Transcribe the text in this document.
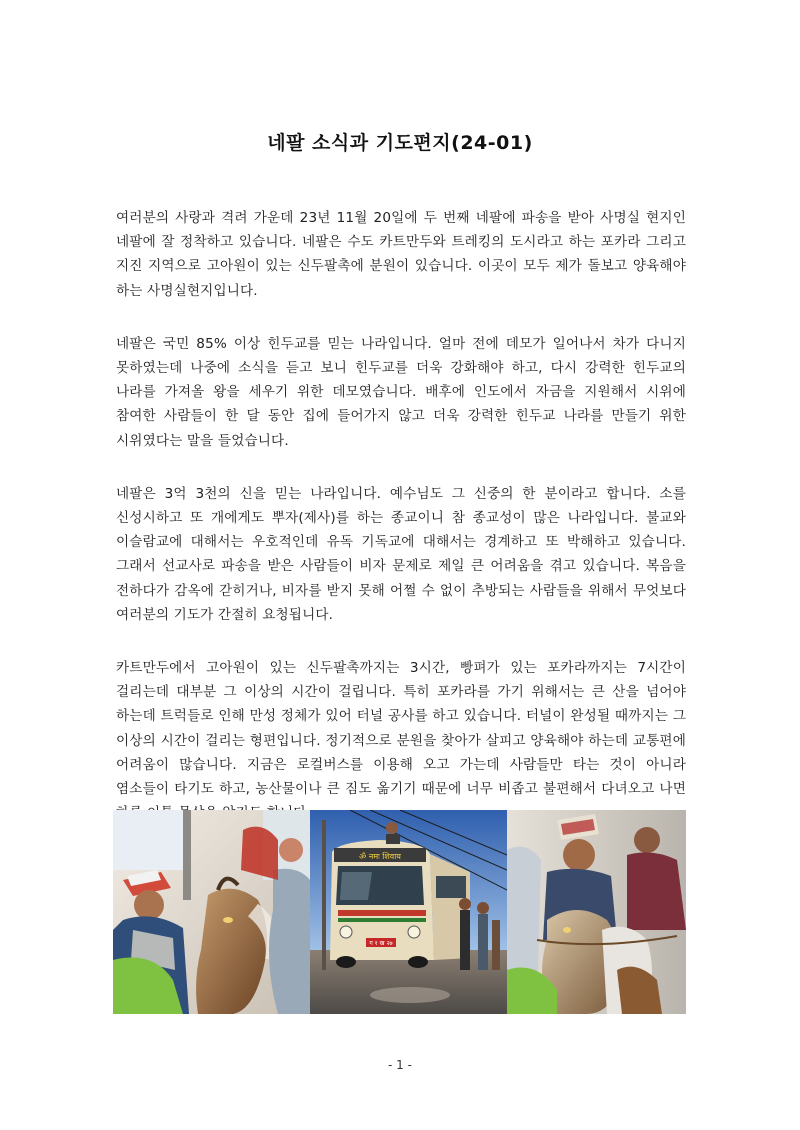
네팔 소식과 기도편지(24-01)

여러분의 사랑과 격려 가운데 23년 11월 20일에 두 번째 네팔에 파송을 받아 사명실 현지인 네팔에 잘 정착하고 있습니다. 네팔은 수도 카트만두와 트레킹의 도시라고 하는 포카라 그리고 지진 지역으로 고아원이 있는 신두팔촉에 분원이 있습니다. 이곳이 모두 제가 돌보고 양육해야 하는 사명실현지입니다.

네팔은 국민 85% 이상 힌두교를 믿는 나라입니다. 얼마 전에 데모가 일어나서 차가 다니지 못하였는데 나중에 소식을 듣고 보니 힌두교를 더욱 강화해야 하고, 다시 강력한 힌두교의 나라를 가져올 왕을 세우기 위한 데모였습니다. 배후에 인도에서 자금을 지원해서 시위에 참여한 사람들이 한 달 동안 집에 들어가지 않고 더욱 강력한 힌두교 나라를 만들기 위한 시위였다는 말을 들었습니다.

네팔은 3억 3천의 신을 믿는 나라입니다. 예수님도 그 신중의 한 분이라고 합니다. 소를 신성시하고 또 개에게도 뿌자(제사)를 하는 종교이니 참 종교성이 많은 나라입니다. 불교와 이슬람교에 대해서는 우호적인데 유독 기독교에 대해서는 경계하고 또 박해하고 있습니다. 그래서 선교사로 파송을 받은 사람들이 비자 문제로 제일 큰 어려움을 겪고 있습니다. 복음을 전하다가 감옥에 갇히거나, 비자를 받지 못해 어쩔 수 없이 추방되는 사람들을 위해서 무엇보다 여러분의 기도가 간절히 요청됩니다.

카트만두에서 고아원이 있는 신두팔촉까지는 3시간, 빵펴가 있는 포카라까지는 7시간이 걸리는데 대부분 그 이상의 시간이 걸립니다. 특히 포카라를 가기 위해서는 큰 산을 넘어야 하는데 트럭들로 인해 만성 정체가 있어 터널 공사를 하고 있습니다. 터널이 완성될 때까지는 그 이상의 시간이 걸리는 형편입니다. 정기적으로 분원을 찾아가 살피고 양육해야 하는데 교통편에 어려움이 많습니다. 지금은 로컬버스를 이용해 오고 가는데 사람들만 타는 것이 아니라 염소들이 타기도 하고, 농산물이나 큰 짐도 옮기기 때문에 너무 비좁고 불편해서 다녀오고 나면

ॐ नमः शिवाय
ग १ ख २७
- 1 -
